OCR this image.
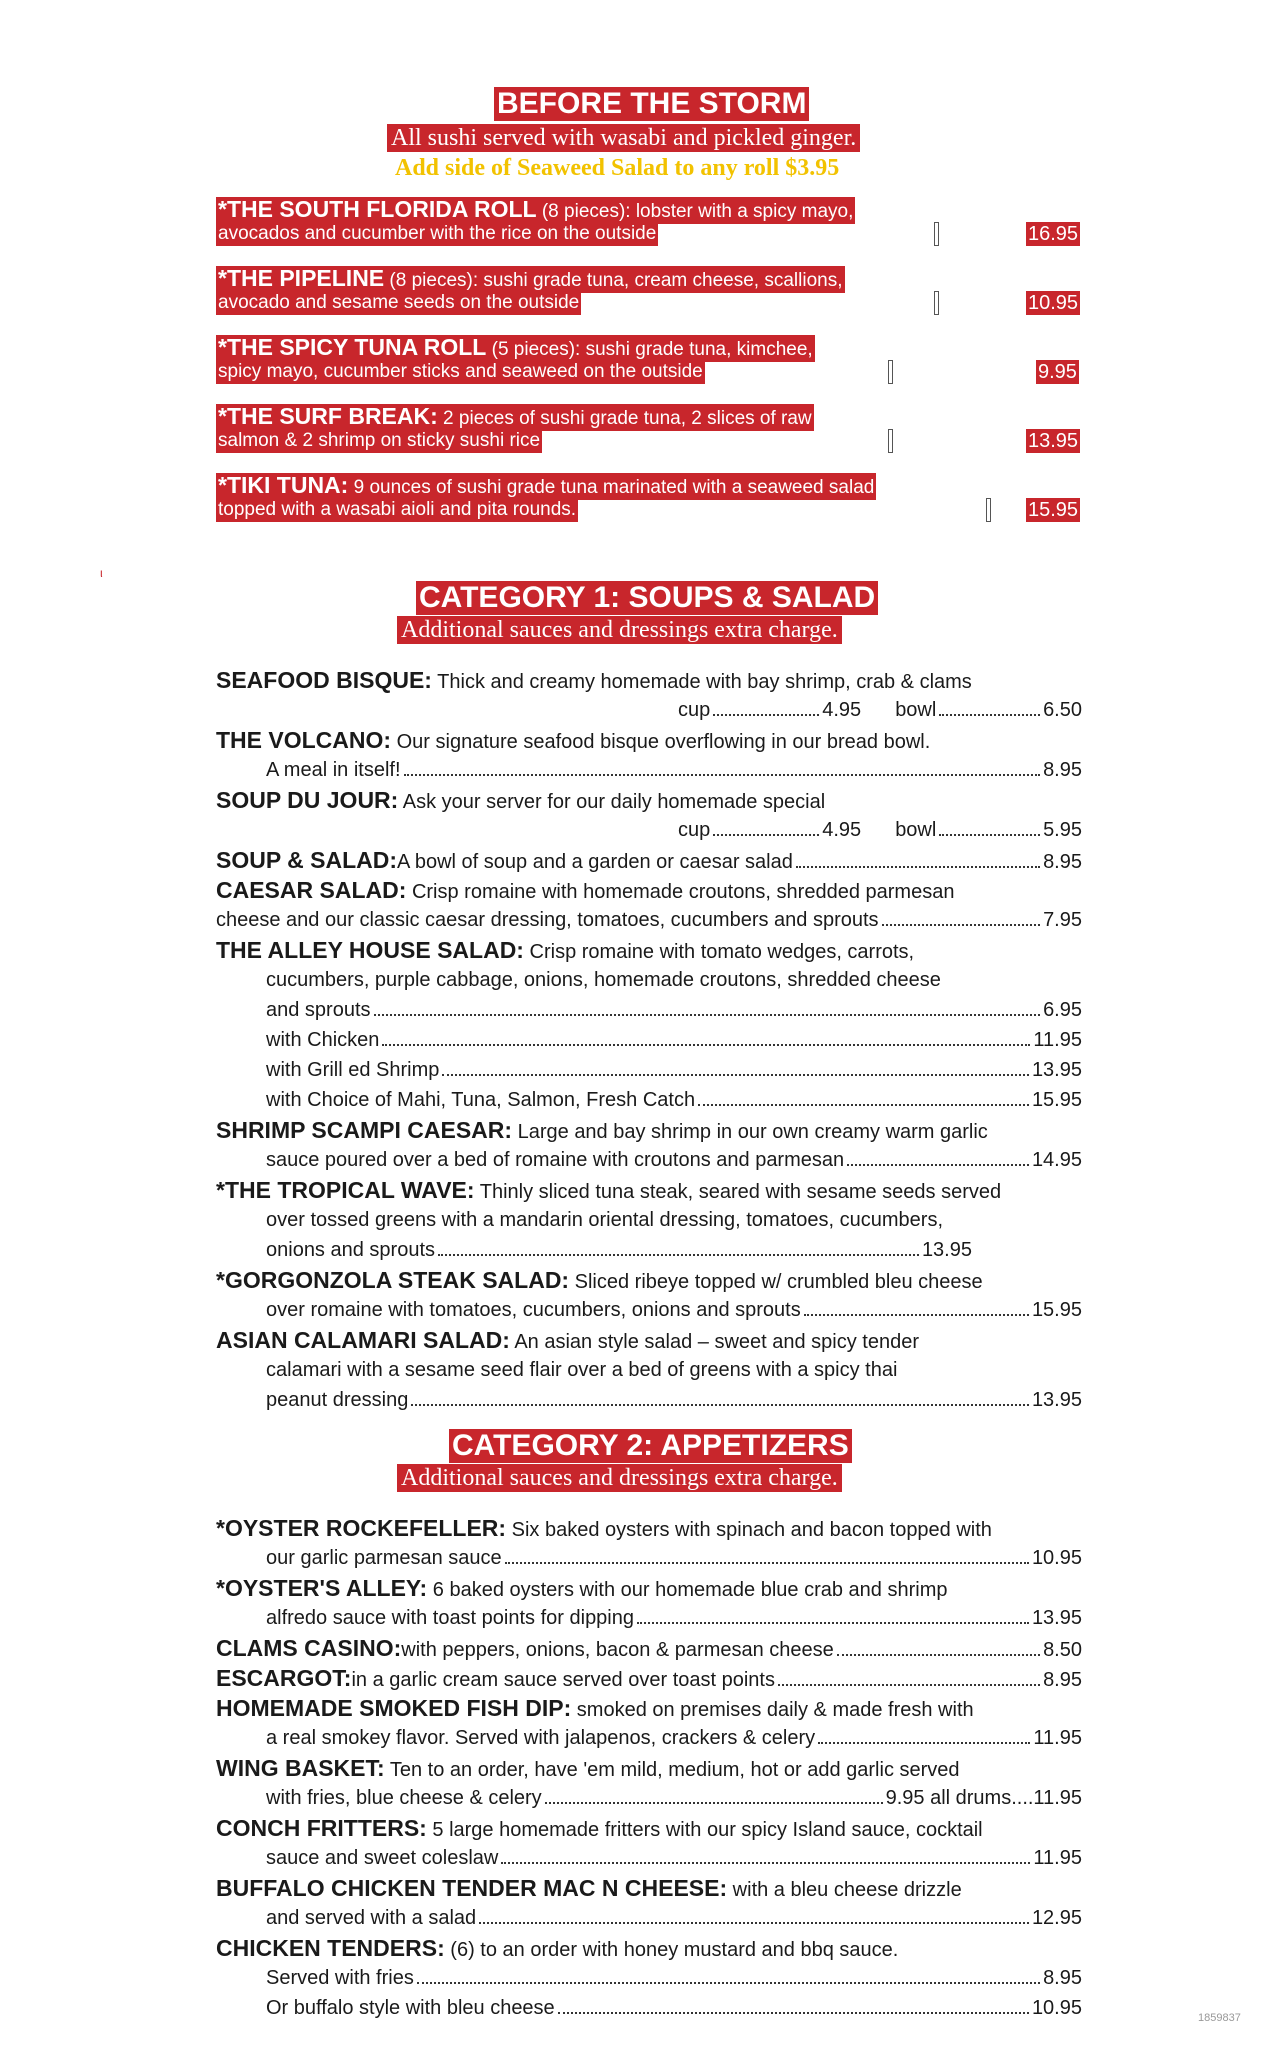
BEFORE THE STORM
All sushi served with wasabi and pickled ginger.
Add side of Seaweed Salad to any roll $3.95
*THE SOUTH FLORIDA ROLL (8 pieces): lobster with a spicy mayo,
avocados and cucumber with the rice on the outside	16.95
*THE PIPELINE (8 pieces): sushi grade tuna, cream cheese, scallions,
avocado and sesame seeds on the outside	10.95
*THE SPICY TUNA ROLL (5 pieces): sushi grade tuna, kimchee,
spicy mayo, cucumber sticks and seaweed on the outside	9.95
*THE SURF BREAK: 2 pieces of sushi grade tuna, 2 slices of raw
salmon & 2 shrimp on sticky sushi rice	13.95
*TIKI TUNA: 9 ounces of sushi grade tuna marinated with a seaweed salad
topped with a wasabi aioli and pita rounds.	15.95
ι
CATEGORY 1: SOUPS & SALAD
Additional sauces and dressings extra charge.
SEAFOOD BISQUE: Thick and creamy homemade with bay shrimp, crab & clams
cup	4.95 bowl	6.50
THE VOLCANO: Our signature seafood bisque overflowing in our bread bowl.
A meal in itself!	8.95
SOUP DU JOUR: Ask your server for our daily homemade special
cup	4.95 bowl	5.95
SOUP & SALAD: A bowl of soup and a garden or caesar salad	8.95
CAESAR SALAD: Crisp romaine with homemade croutons, shredded parmesan
cheese and our classic caesar dressing, tomatoes, cucumbers and sprouts	7.95
THE ALLEY HOUSE SALAD: Crisp romaine with tomato wedges, carrots,
cucumbers, purple cabbage, onions, homemade croutons, shredded cheese
and sprouts	6.95
with Chicken	11.95
with Grill ed Shrimp	13.95
with Choice of Mahi, Tuna, Salmon, Fresh Catch	15.95
SHRIMP SCAMPI CAESAR: Large and bay shrimp in our own creamy warm garlic
sauce poured over a bed of romaine with croutons and parmesan	14.95
*THE TROPICAL WAVE: Thinly sliced tuna steak, seared with sesame seeds served
over tossed greens with a mandarin oriental dressing, tomatoes, cucumbers,
onions and sprouts	13.95
*GORGONZOLA STEAK SALAD: Sliced ribeye topped w/ crumbled bleu cheese
over romaine with tomatoes, cucumbers, onions and sprouts	15.95
ASIAN CALAMARI SALAD: An asian style salad – sweet and spicy tender
calamari with a sesame seed flair over a bed of greens with a spicy thai
peanut dressing	13.95
CATEGORY 2: APPETIZERS
Additional sauces and dressings extra charge.
*OYSTER ROCKEFELLER: Six baked oysters with spinach and bacon topped with
our garlic parmesan sauce	10.95
*OYSTER'S ALLEY: 6 baked oysters with our homemade blue crab and shrimp
alfredo sauce with toast points for dipping	13.95
CLAMS CASINO: with peppers, onions, bacon & parmesan cheese	8.50
ESCARGOT: in a garlic cream sauce served over toast points	8.95
HOMEMADE SMOKED FISH DIP: smoked on premises daily & made fresh with
a real smokey flavor. Served with jalapenos, crackers & celery	11.95
WING BASKET: Ten to an order, have 'em mild, medium, hot or add garlic served
with fries, blue cheese & celery	9.95 all drums....11.95
CONCH FRITTERS: 5 large homemade fritters with our spicy Island sauce, cocktail
sauce and sweet coleslaw	11.95
BUFFALO CHICKEN TENDER MAC N CHEESE: with a bleu cheese drizzle
and served with a salad	12.95
CHICKEN TENDERS: (6) to an order with honey mustard and bbq sauce.
Served with fries	8.95
Or buffalo style with bleu cheese	10.95	1859837
